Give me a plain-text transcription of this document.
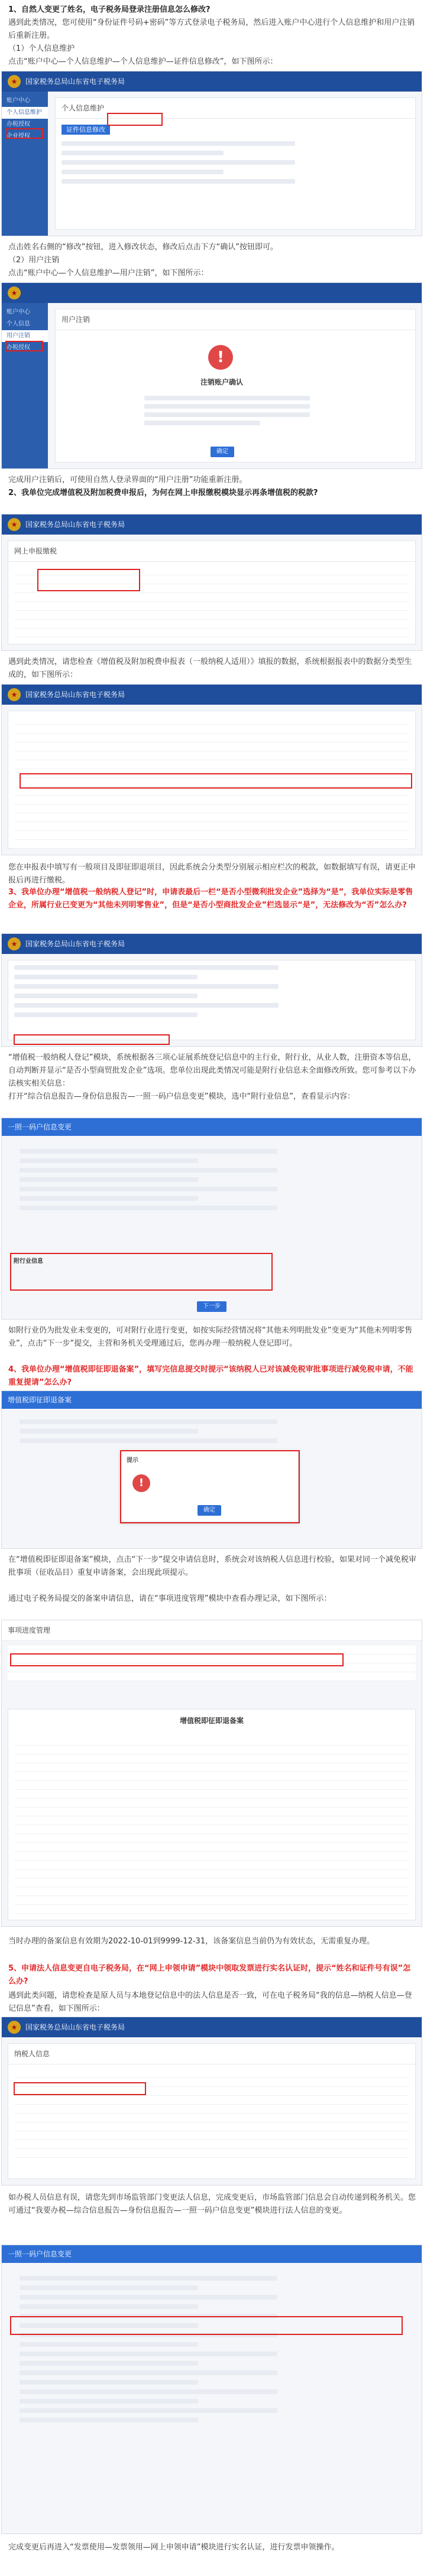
1、自然人变更了姓名，电子税务局登录注册信息怎么修改?

遇到此类情况，您可使用“身份证件号码+密码”等方式登录电子税务局，然后进入账户中心进行个人信息维护和用户注销后重新注册。

（1）个人信息维护

点击“账户中心—个人信息维护—个人信息维护—证件信息修改”，如下图所示：

★	国家税务总局山东省电子税务局
账户中心
个人信息维护
办税授权
企业授权
个人信息维护
证件信息修改

点击姓名右侧的“修改”按钮，进入修改状态，修改后点击下方“确认”按钮即可。

（2）用户注销

点击“账户中心—个人信息维护—用户注销”，如下图所示：

★
账户中心
个人信息
用户注销
办税授权
用户注销
!
注销账户确认
确定

完成用户注销后，可使用自然人登录界面的“用户注册”功能重新注册。

2、我单位完成增值税及附加税费申报后，为何在网上申报缴税模块显示再条增值税的税款?

★	国家税务总局山东省电子税务局
网上申报缴税

遇到此类情况，请您检查《增值税及附加税费申报表（一般纳税人适用）》填报的数据，系统根据报表中的数据分类型生成的，如下图所示：

★	国家税务总局山东省电子税务局

您在申报表中填写有一般项目及即征即退项目，因此系统会分类型分别展示相应栏次的税款，如数据填写有误，请更正申报后再进行缴税。

3、我单位办理“增值税一般纳税人登记”时，申请表最后一栏“是否小型微利批发企业”选择为“是”，我单位实际是零售企业，所属行业已变更为“其他未列明零售业”，但是“是否小型商批发企业”栏选显示“是”，无法修改为“否”怎么办?

★	国家税务总局山东省电子税务局

“增值税一般纳税人登记”模块，系统根据各三项心证展系统登记信息中的主行业，附行业，从业人数，注册资本等信息，自动判断并显示“是否小型商贸批发企业”选项。您单位出现此类情况可能是附行业信息未全面修改所致。您可参考以下办法核实相关信息：

打开“综合信息报告—身份信息报告—一照一码户信息变更”模块，选中“附行业信息”，查看显示内容：

一照一码户信息变更
附行业信息
下一步

如附行业仍为批发业未变更的，可对附行业进行变更，如按实际经营情况将“其他未列明批发业”变更为“其他未列明零售业”，点击“下一步”提交，主营和务机关受理通过后，您再办理一般纳税人登记即可。

4、我单位办理“增值税即征即退备案”，填写完信息提交时提示“该纳税人已对该减免税审批事项进行减免税申请，不能重复提请”怎么办?

增值税即征即退备案
提示
!
确定

在“增值税即征即退备案”模块，点击“下一步”提交申请信息时，系统会对该纳税人信息进行校验，如果对同一个减免税审批事项（征收品目）重复申请备案，会出现此项提示。

通过电子税务局提交的备案申请信息，请在“事项进度管理”模块中查看办理记录，如下图所示：

事项进度管理
增值税即征即退备案

当时办理的备案信息有效期为2022-10-01到9999-12-31，该备案信息当前仍为有效状态，无需重复办理。

5、申请法人信息变更自电子税务局，在“网上申领申请”模块中领取发票进行实名认证时，提示“姓名和证件号有误”怎么办?

遇到此类问题，请您检查是原人员与本地登记信息中的法人信息是否一致，可在电子税务局“我的信息—纳税人信息—登记信息”查看，如下图所示：

★	国家税务总局山东省电子税务局
纳税人信息

如办税人员信息有误，请您先到市场监管部门变更法人信息，完成变更后，市场监管部门信息会自动传递到税务机关。您可通过“我要办税—综合信息报告—身份信息报告—一照一码户信息变更”模块进行法人信息的变更。

一照一码户信息变更

完成变更后再进入“发票使用—发票领用—网上申领申请”模块进行实名认证，进行发票申领操作。
